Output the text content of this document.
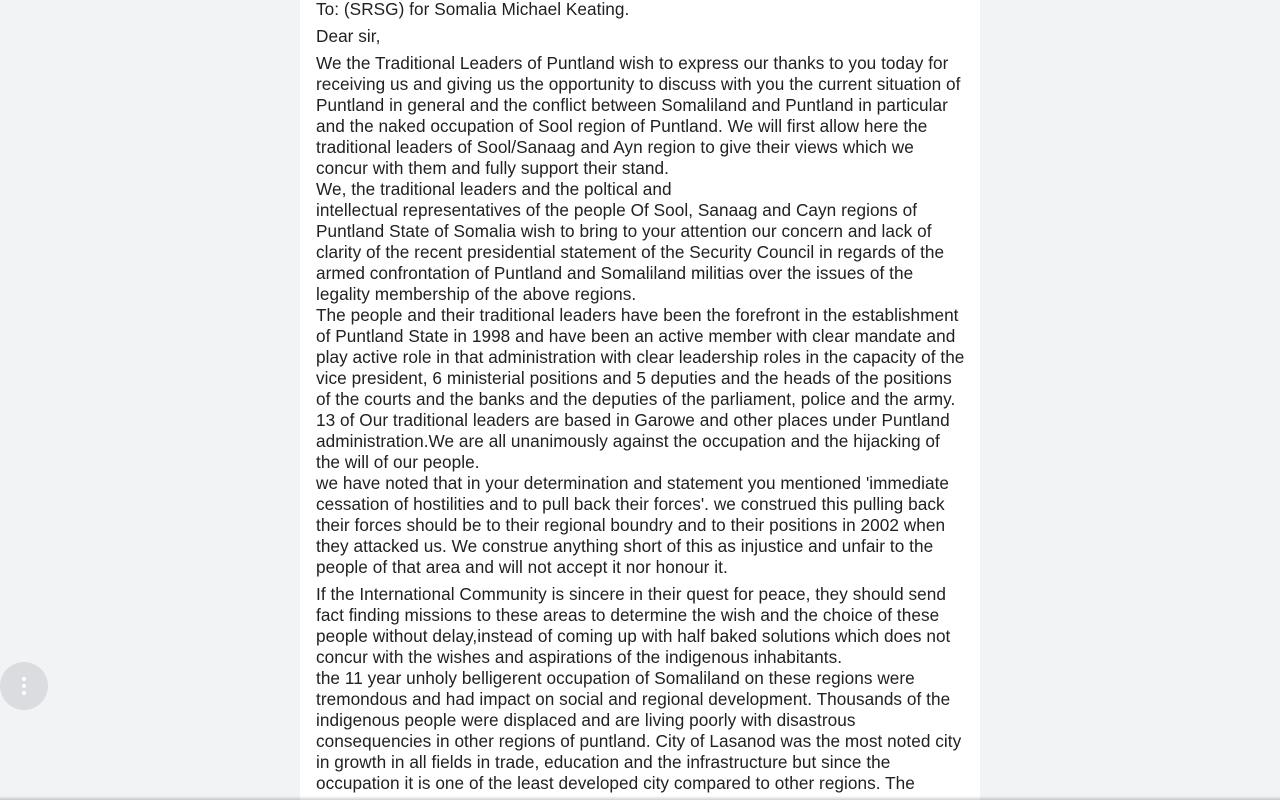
To: (SRSG) for Somalia Michael Keating.

Dear sir,

We the Traditional Leaders of Puntland wish to express our thanks to you today for receiving us and giving us the opportunity to discuss with you the current situation of Puntland in general and the conflict between Somaliland and Puntland in particular and the naked occupation of Sool region of Puntland. We will first allow here the traditional leaders of Sool/Sanaag and Ayn region to give their views which we concur with them and fully support their stand.

We, the traditional leaders and the poltical and

intellectual representatives of the people Of Sool, Sanaag and Cayn regions of Puntland State of Somalia wish to bring to your attention our concern and lack of clarity of the recent presidential statement of the Security Council in regards of the armed confrontation of Puntland and Somaliland militias over the issues of the legality membership of the above regions.

The people and their traditional leaders have been the forefront in the establishment of Puntland State in 1998 and have been an active member with clear mandate and play active role in that administration with clear leadership roles in the capacity of the vice president, 6 ministerial positions and 5 deputies and the heads of the positions of the courts and the banks and the deputies of the parliament, police and the army.

13 of Our traditional leaders are based in Garowe and other places under Puntland administration.We are all unanimously against the occupation and the hijacking of the will of our people.

we have noted that in your determination and statement you mentioned 'immediate cessation of hostilities and to pull back their forces'. we construed this pulling back their forces should be to their regional boundry and to their positions in 2002 when they attacked us. We construe anything short of this as injustice and unfair to the people of that area and will not accept it nor honour it.

If the International Community is sincere in their quest for peace, they should send fact finding missions to these areas to determine the wish and the choice of these people without delay,instead of coming up with half baked solutions which does not concur with the wishes and aspirations of the indigenous inhabitants.

the 11 year unholy belligerent occupation of Somaliland on these regions were tremondous and had impact on social and regional development. Thousands of the indigenous people were displaced and are living poorly with disastrous consequencies in other regions of puntland. City of Lasanod was the most noted city in growth in all fields in trade, education and the infrastructure but since the occupation it is one of the least developed city compared to other regions. The
